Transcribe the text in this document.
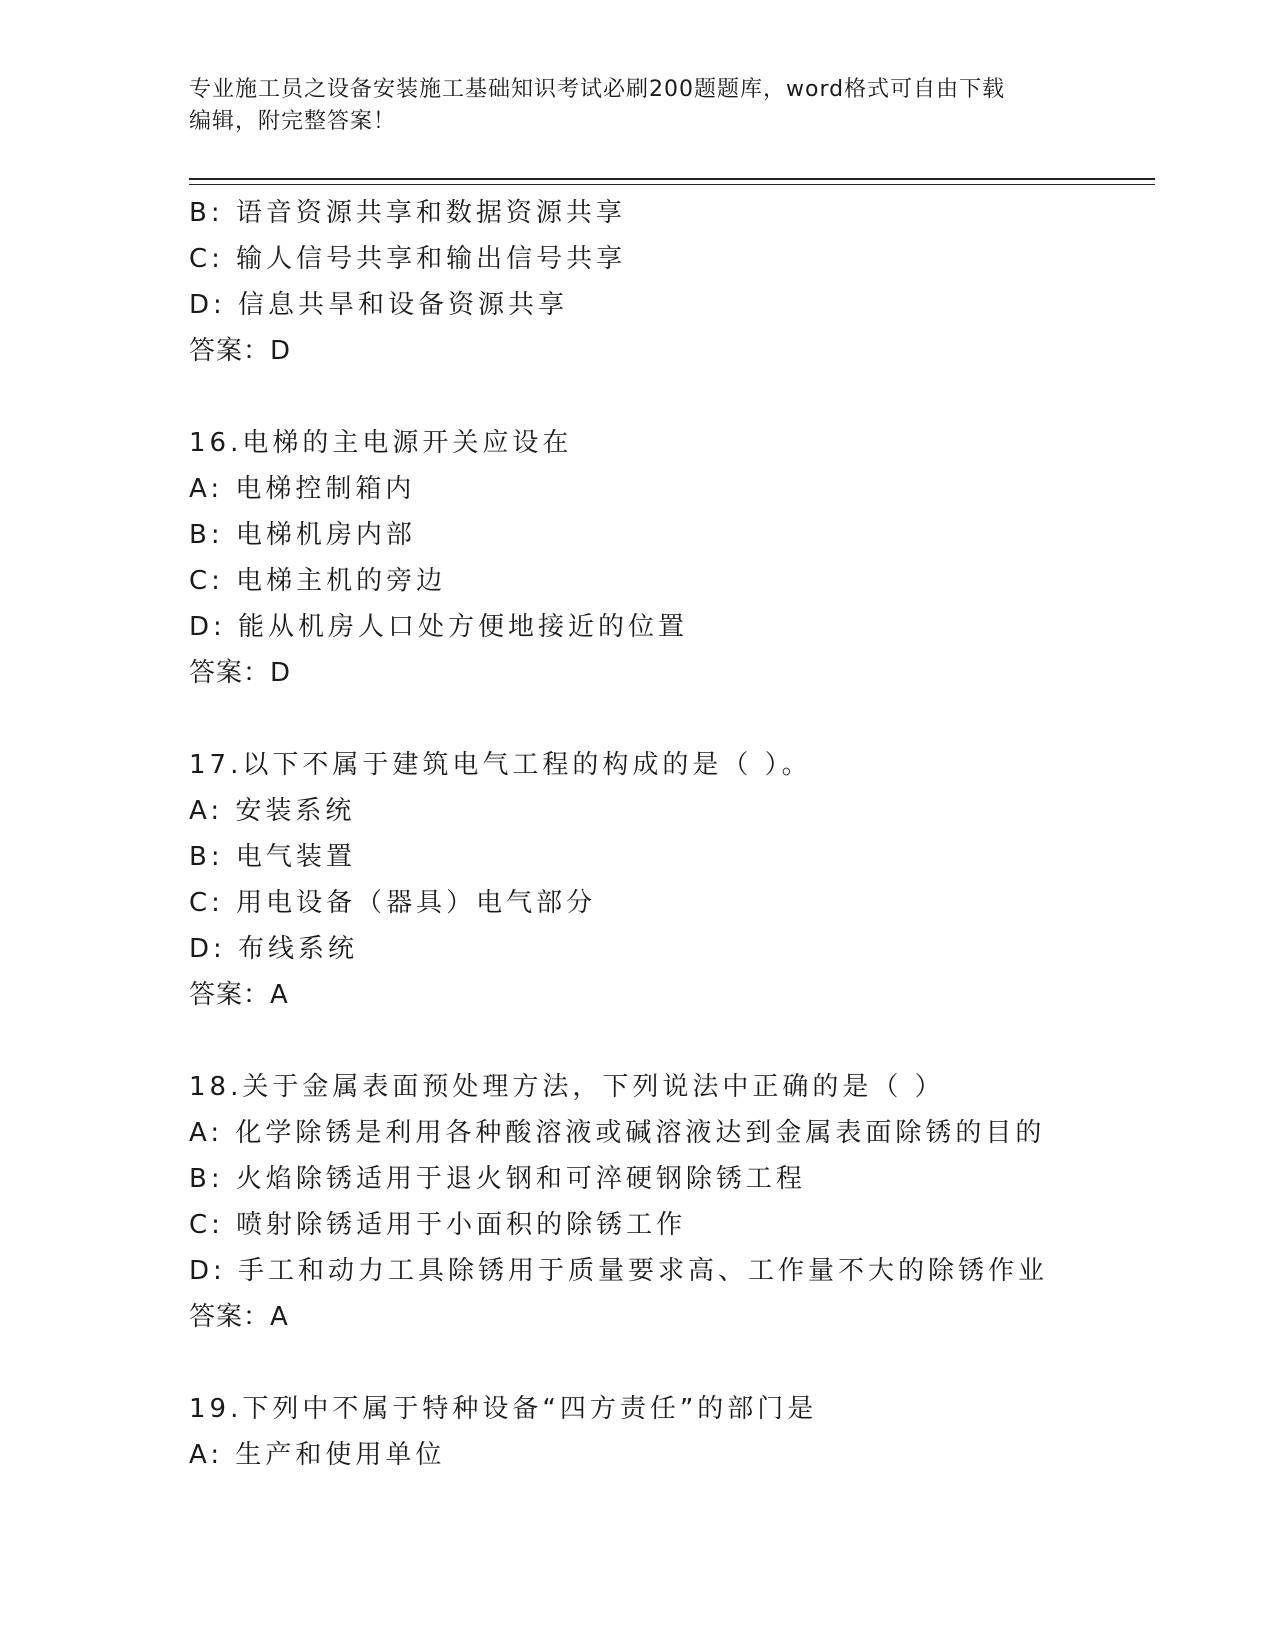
专业施工员之设备安装施工基础知识考试必刷200题题库，word格式可自由下载
编辑，附完整答案！
B: 语音资源共享和数据资源共享
C: 输人信号共享和输出信号共享
D: 信息共旱和设备资源共享
答案：D
16.电梯的主电源开关应设在
A: 电梯控制箱内
B: 电梯机房内部
C: 电梯主机的旁边
D: 能从机房人口处方便地接近的位置
答案：D
17.以下不属于建筑电气工程的构成的是（ ）。
A: 安装系统
B: 电气装置
C: 用电设备（器具）电气部分
D: 布线系统
答案：A
18.关于金属表面预处理方法，下列说法中正确的是（ ）
A: 化学除锈是利用各种酸溶液或碱溶液达到金属表面除锈的目的
B: 火焰除锈适用于退火钢和可淬硬钢除锈工程
C: 喷射除锈适用于小面积的除锈工作
D: 手工和动力工具除锈用于质量要求高、工作量不大的除锈作业
答案：A
19.下列中不属于特种设备“四方责任”的部门是
A: 生产和使用单位
